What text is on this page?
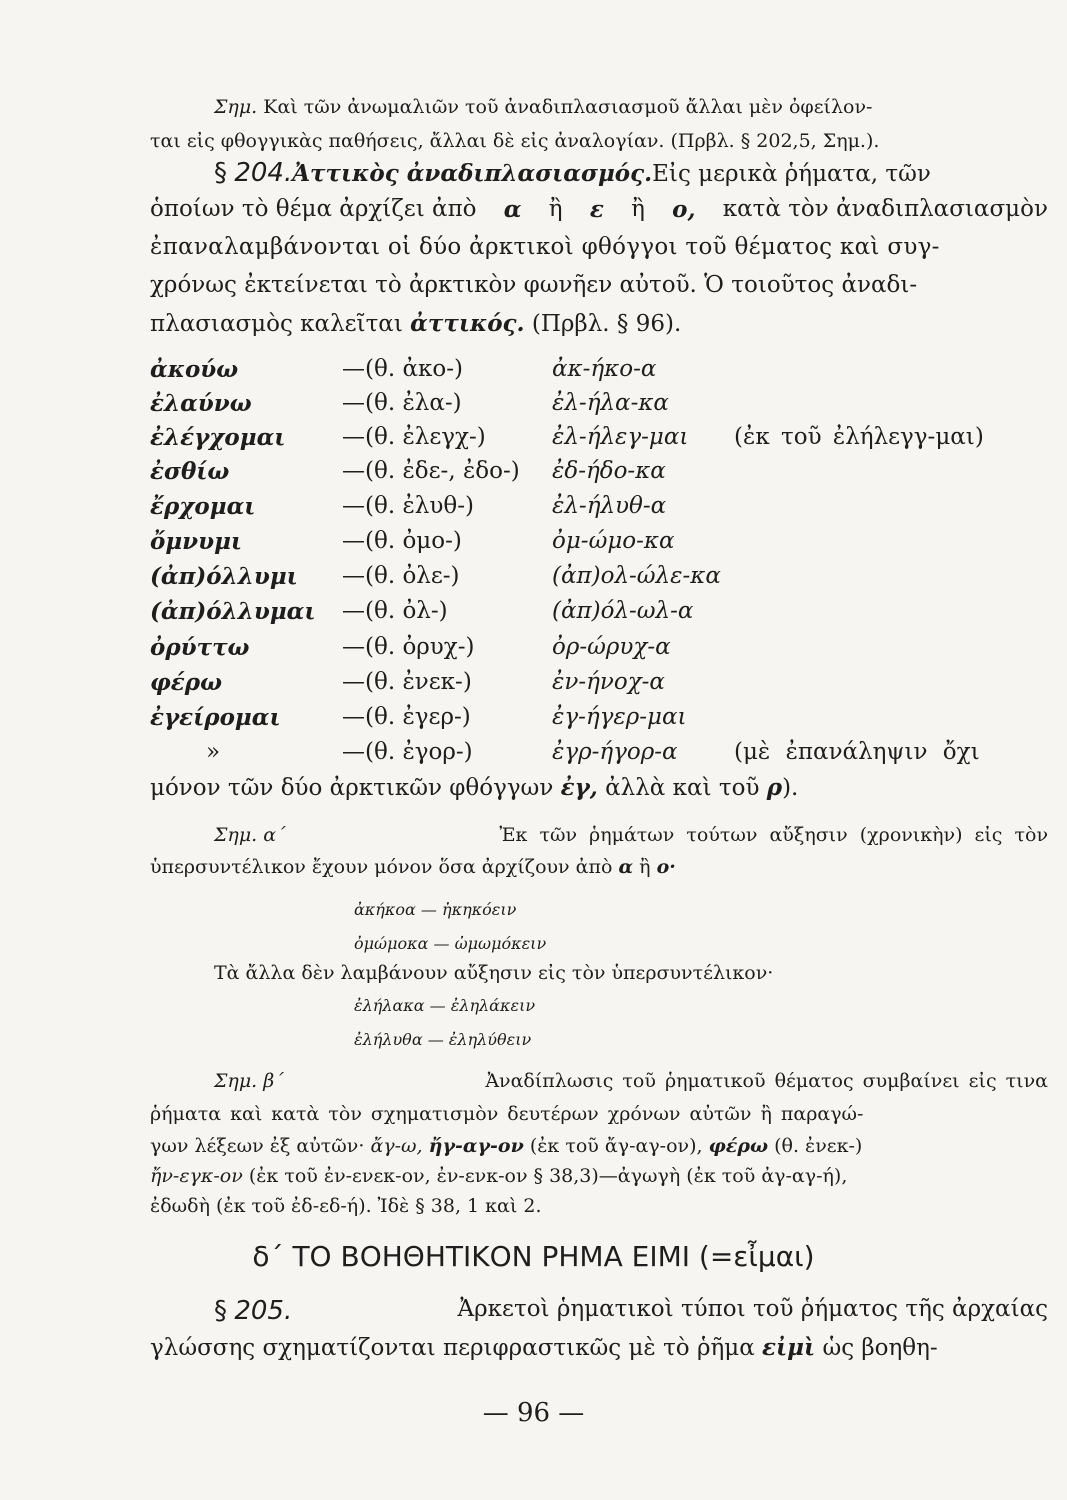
Σημ. Καὶ τῶν ἀνωμαλιῶν τοῦ ἀναδιπλασιασμοῦ ἄλλαι μὲν ὀφείλον-
ται εἰς φθογγικὰς παθήσεις, ἄλλαι δὲ εἰς ἀναλογίαν. (Πρβλ. § 202,5, Σημ.).
§ 204.Ἀττικὸς ἀναδιπλασιασμός.Εἰς μερικὰ ῥήματα, τῶν
ὁποίων τὸ θέμα ἀρχίζει ἀπὸ α ἢ ε ἢ ο, κατὰ τὸν ἀναδιπλασιασμὸν
ἐπαναλαμβάνονται οἱ δύο ἀρκτικοὶ φθόγγοι τοῦ θέματος καὶ συγ-
χρόνως ἐκτείνεται τὸ ἀρκτικὸν φωνῆεν αὐτοῦ. Ὁ τοιοῦτος ἀναδι-
πλασιασμὸς καλεῖται ἀττικός. (Πρβλ. § 96).
ἀκούω	—(θ. ἀκο-)	ἀκ-ήκο-α
ἐλαύνω	—(θ. ἐλα-)	ἐλ-ήλα-κα
ἐλέγχομαι —(θ. ἐλεγχ-)	ἐλ-ήλεγ-μαι (ἐκ τοῦ ἐλήλεγγ-μαι)
ἐσθίω	—(θ. ἐδε-, ἐδο-) ἐδ-ήδο-κα
ἔρχομαι	—(θ. ἐλυθ-)	ἐλ-ήλυθ-α
ὄμνυμι	—(θ. ὀμο-)	ὀμ-ώμο-κα
(ἀπ)όλλυμι —(θ. ὀλε-)	(ἀπ)ολ-ώλε-κα
(ἀπ)όλλυμαι —(θ. ὀλ-)	(ἀπ)όλ-ωλ-α
ὀρύττω	—(θ. ὀρυχ-)	ὀρ-ώρυχ-α
φέρω	—(θ. ἐνεκ-)	ἐν-ήνοχ-α
ἐγείρομαι	—(θ. ἐγερ-)	ἐγ-ήγερ-μαι
»	—(θ. ἐγορ-)	ἐγρ-ήγορ-α (μὲ ἐπανάληψιν ὄχι
μόνον τῶν δύο ἀρκτικῶν φθόγγων ἐγ, ἀλλὰ καὶ τοῦ ρ).
Σημ. α΄	Ἐκ τῶν ῥημάτων τούτων αὔξησιν (χρονικὴν) εἰς τὸν
ὑπερσυντέλικον ἔχουν μόνον ὅσα ἀρχίζουν ἀπὸ α ἢ ο·
ἀκήκοα — ἠκηκόειν
ὀμώμοκα — ὠμωμόκειν
Τὰ ἄλλα δὲν λαμβάνουν αὔξησιν εἰς τὸν ὑπερσυντέλικον·
ἐλήλακα — ἐληλάκειν
ἐλήλυθα — ἐληλύθειν
Σημ. β΄	Ἀναδίπλωσις τοῦ ῥηματικοῦ θέματος συμβαίνει εἰς τινα
ῥήματα καὶ κατὰ τὸν σχηματισμὸν δευτέρων χρόνων αὐτῶν ἢ παραγώ-
γων λέξεων ἐξ αὐτῶν· ἄγ-ω, ἤγ-αγ-ον (ἐκ τοῦ ἄγ-αγ-ον), φέρω (θ. ἐνεκ-)
ἤν-εγκ-ον (ἐκ τοῦ ἐν-ενεκ-ον, ἐν-ενκ-ον § 38,3)—ἀγωγὴ (ἐκ τοῦ ἀγ-αγ-ή),
ἐδωδὴ (ἐκ τοῦ ἐδ-εδ-ή). Ἰδὲ § 38, 1 καὶ 2.
δ΄ ΤΟ ΒΟΗΘΗΤΙΚΟΝ ΡΗΜΑ ΕΙΜΙ (=εἶμαι)
§ 205.	Ἀρκετοὶ ῥηματικοὶ τύποι τοῦ ῥήματος τῆς ἀρχαίας
γλώσσης σχηματίζονται περιφραστικῶς μὲ τὸ ῥῆμα εἰμὶ ὡς βοηθη-
— 96 —
